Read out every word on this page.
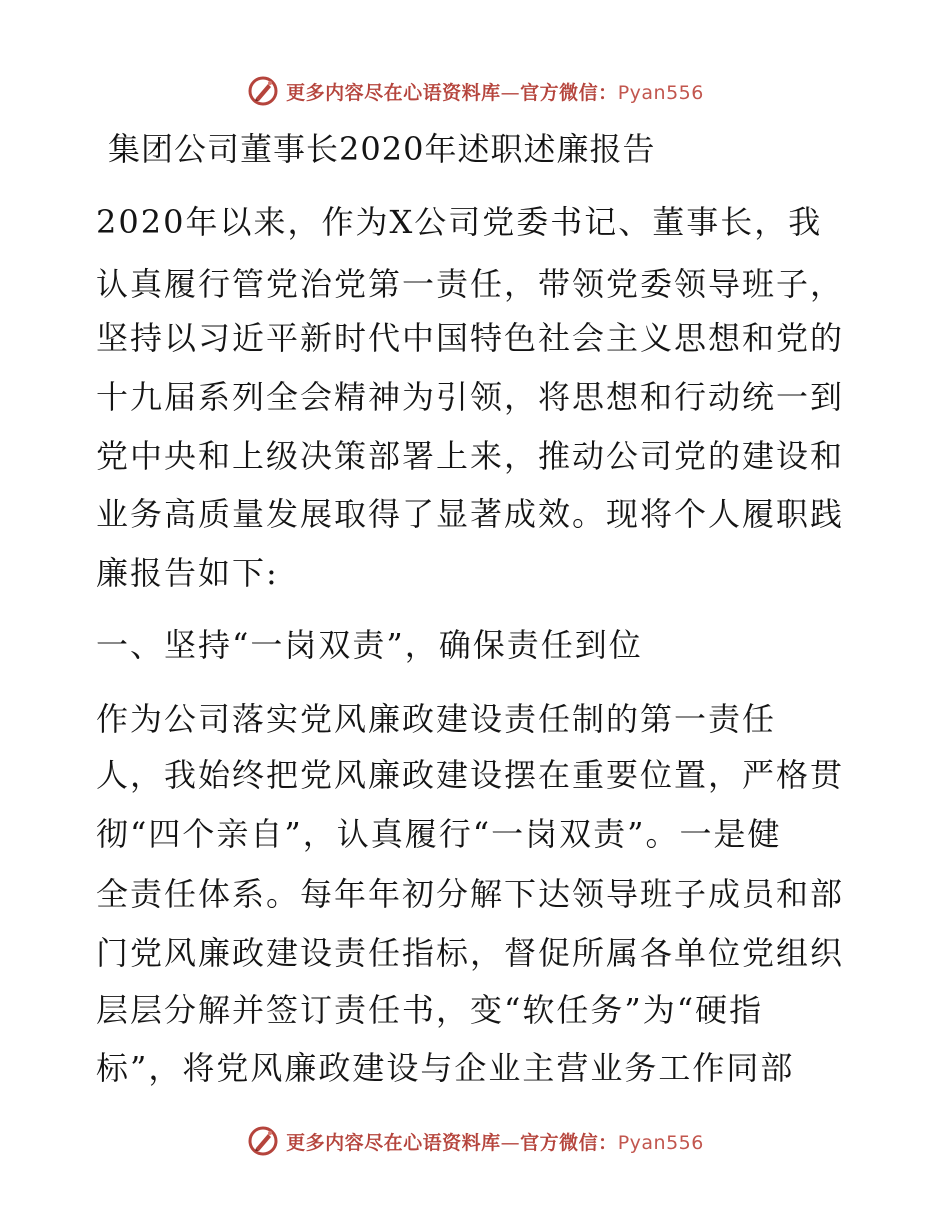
更多内容尽在心语资料库—官方微信：Pyan556
集团公司董事长2020年述职述廉报告
2020年以来，作为X公司党委书记、董事长，我
认真履行管党治党第一责任，带领党委领导班子，
坚持以习近平新时代中国特色社会主义思想和党的
十九届系列全会精神为引领，将思想和行动统一到
党中央和上级决策部署上来，推动公司党的建设和
业务高质量发展取得了显著成效。现将个人履职践
廉报告如下:
一、坚持“一岗双责”，确保责任到位
作为公司落实党风廉政建设责任制的第一责任
人，我始终把党风廉政建设摆在重要位置，严格贯
彻“四个亲自”，认真履行“一岗双责”。一是健
全责任体系。每年年初分解下达领导班子成员和部
门党风廉政建设责任指标，督促所属各单位党组织
层层分解并签订责任书，变“软任务”为“硬指
标”，将党风廉政建设与企业主营业务工作同部
更多内容尽在心语资料库—官方微信：Pyan556
